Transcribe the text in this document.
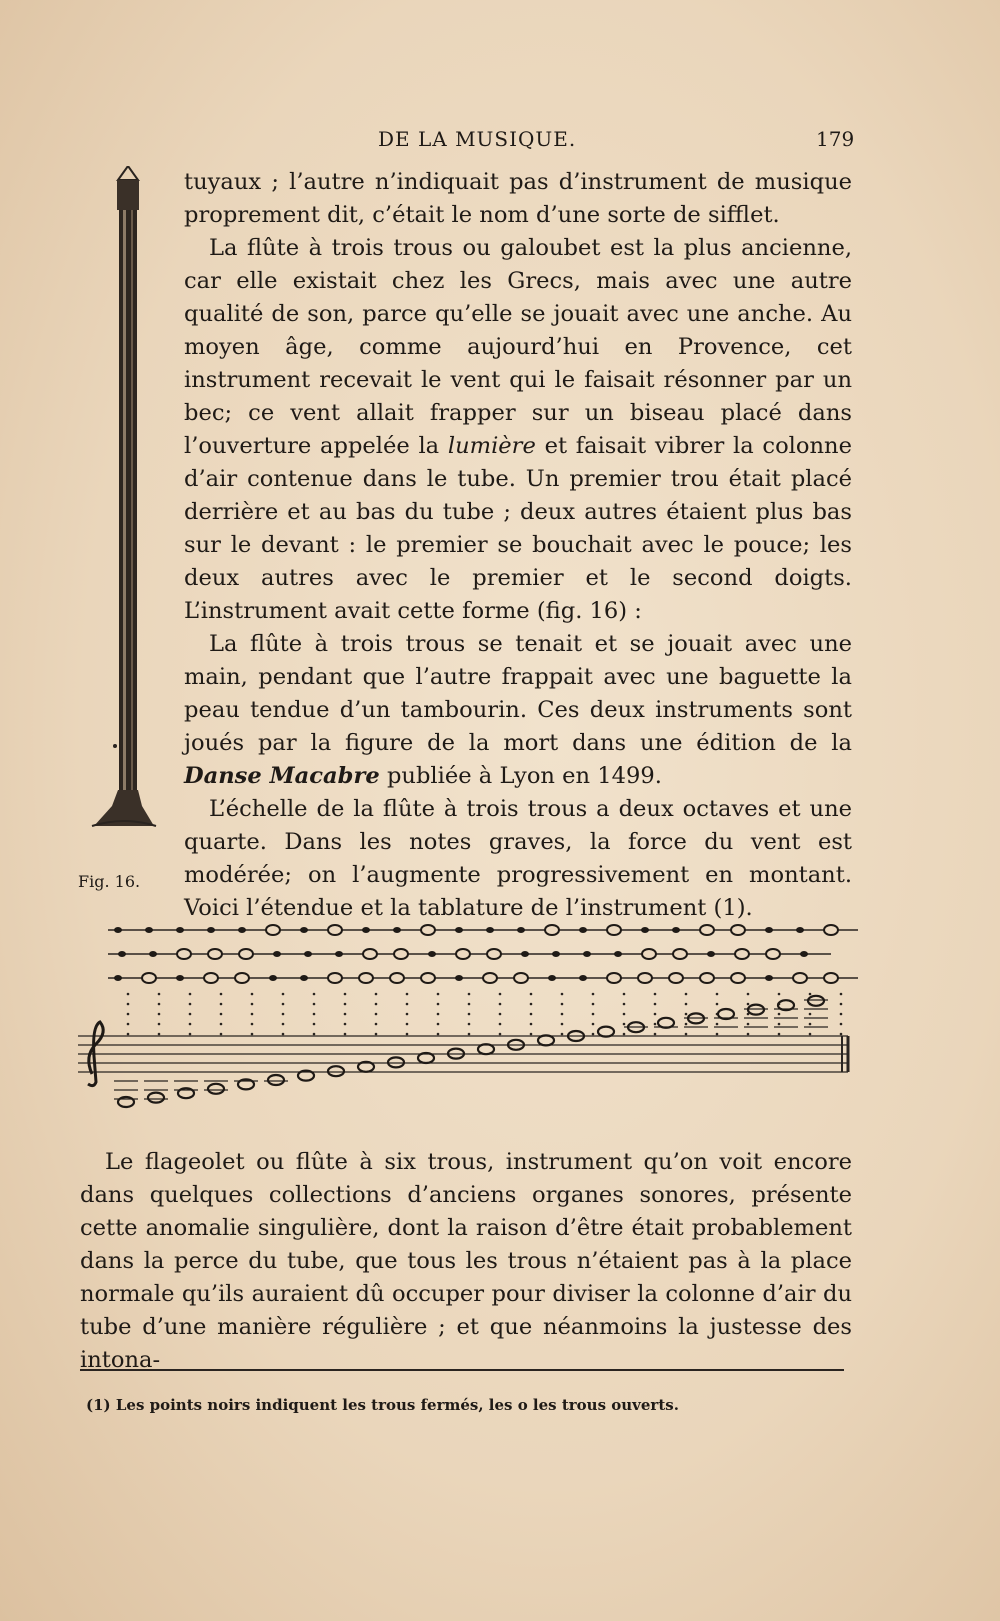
DE LA MUSIQUE.	179
Fig. 16.

tuyaux ; l’autre n’indiquait pas d’instrument de musique proprement dit, c’était le nom d’une sorte de sifflet.

La flûte à trois trous ou galoubet est la plus ancienne, car elle existait chez les Grecs, mais avec une autre qualité de son, parce qu’elle se jouait avec une anche. Au moyen âge, comme aujourd’hui en Provence, cet instrument recevait le vent qui le faisait résonner par un bec; ce vent allait frapper sur un biseau placé dans l’ouverture appelée la lumière et faisait vibrer la colonne d’air contenue dans le tube. Un premier trou était placé derrière et au bas du tube ; deux autres étaient plus bas sur le devant : le premier se bouchait avec le pouce; les deux autres avec le premier et le second doigts. L’instrument avait cette forme (fig. 16) :

La flûte à trois trous se tenait et se jouait avec une main, pendant que l’autre frappait avec une baguette la peau tendue d’un tambourin. Ces deux instruments sont joués par la figure de la mort dans une édition de la Danse Macabre publiée à Lyon en 1499.

L’échelle de la flûte à trois trous a deux octaves et une quarte. Dans les notes graves, la force du vent est modérée; on l’augmente progressivement en montant. Voici l’étendue et la tablature de l’instrument (1).

Le flageolet ou flûte à six trous, instrument qu’on voit encore dans quelques collections d’anciens organes sonores, présente cette anomalie singulière, dont la raison d’être était probablement dans la perce du tube, que tous les trous n’étaient pas à la place normale qu’ils auraient dû occuper pour diviser la colonne d’air du tube d’une manière régulière ; et que néanmoins la justesse des intona-

(1) Les points noirs indiquent les trous fermés, les o les trous ouverts.
